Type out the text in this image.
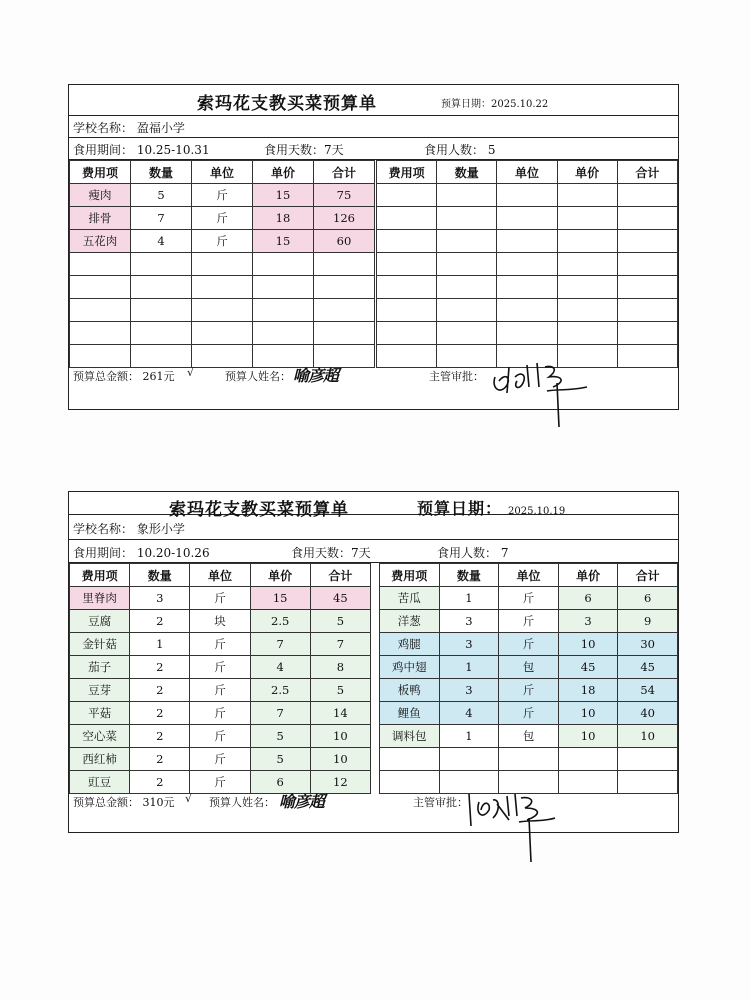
索玛花支教买菜预算单	预算日期：2025.10.22
学校名称： 盈福小学
食用期间： 10.25-10.31	食用天数：7天	食用人数： 5
费用项	数量	单位	单价	合计
瘦肉	5	斤	15	75
排骨	7	斤	18	126
五花肉	4	斤	15	60

费用项	数量	单位	单价	合计

预算总金额： 261元 √	预算人姓名： 喻彦超	主管审批：
索玛花支教买菜预算单	预算日期： 2025.10.19
学校名称： 象形小学
食用期间： 10.20-10.26	食用天数：7天	食用人数： 7
费用项	数量	单位	单价	合计
里脊肉	3	斤	15	45
豆腐	2	块	2.5	5
金针菇	1	斤	7	7
茄子	2	斤	4	8
豆芽	2	斤	2.5	5
平菇	2	斤	7	14
空心菜	2	斤	5	10
西红柿	2	斤	5	10
豇豆	2	斤	6	12
费用项	数量	单位	单价	合计
苦瓜	1	斤	6	6
洋葱	3	斤	3	9
鸡腿	3	斤	10	30
鸡中翅	1	包	45	45
板鸭	3	斤	18	54
鲤鱼	4	斤	10	40
调料包	1	包	10	10

预算总金额： 310元 √ 预算人姓名： 喻彦超	主管审批：
